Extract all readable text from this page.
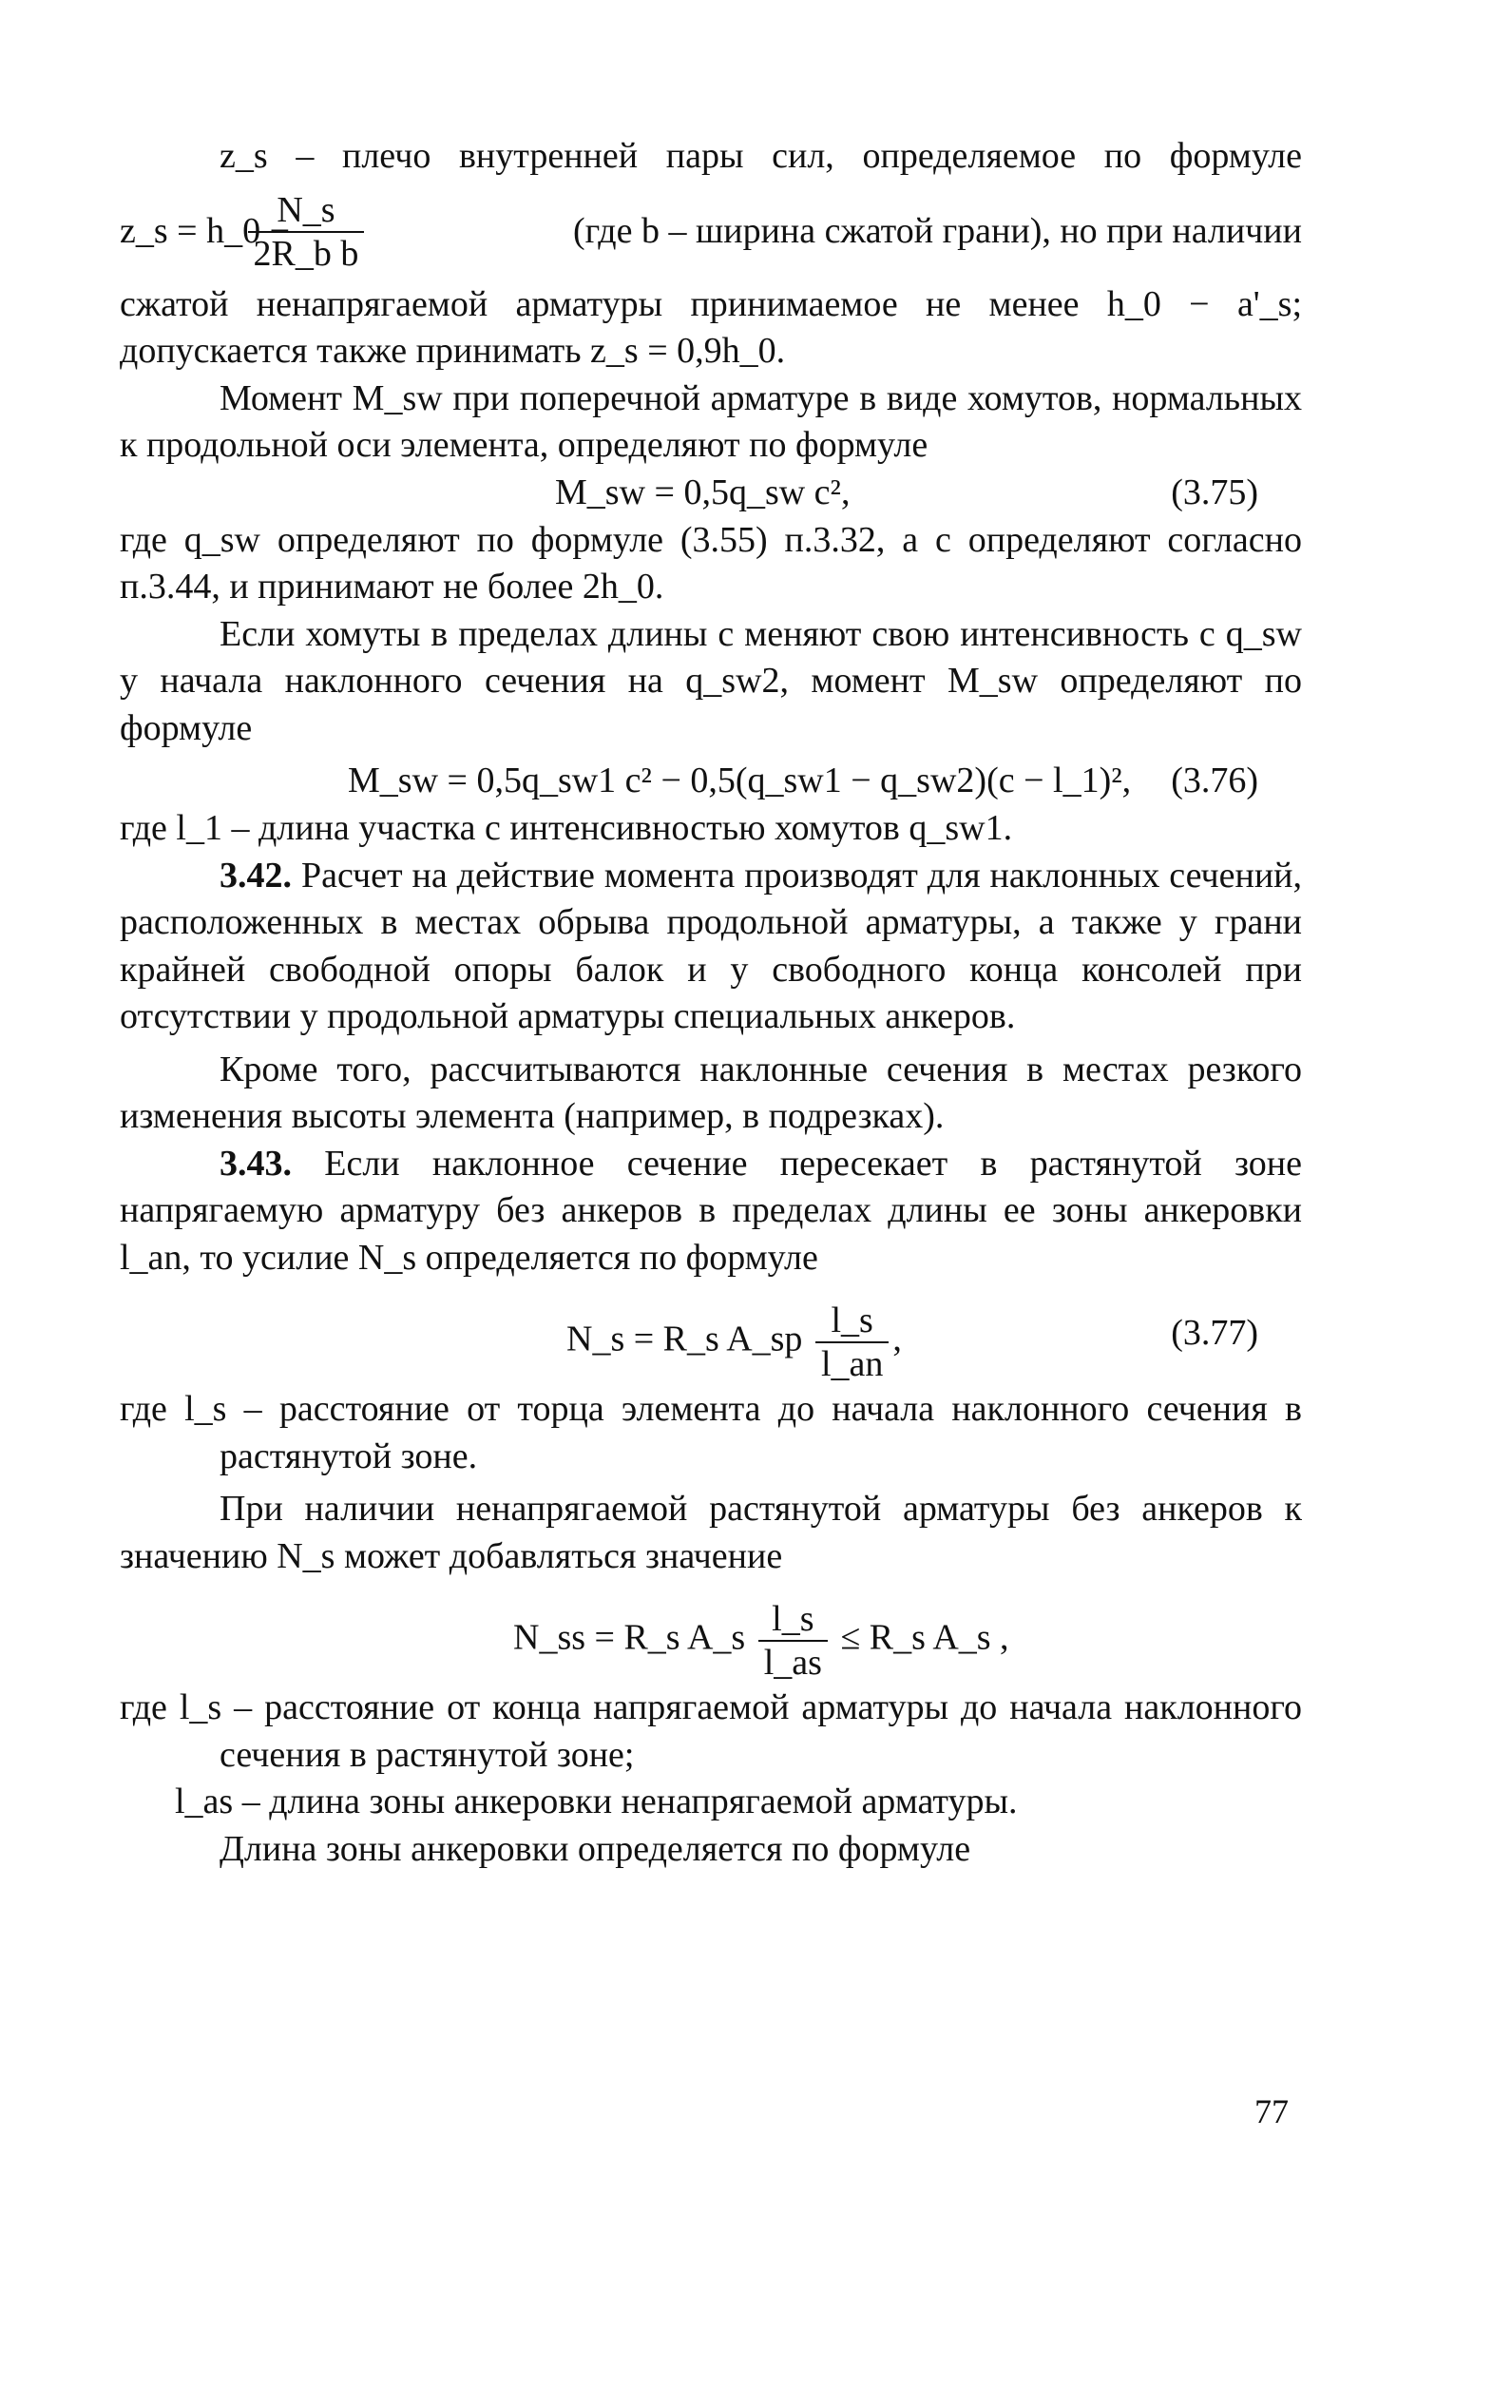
z_s – плечо внутренней пары сил, определяемое по формуле

z_s = h_0 −
$\frac{N\_s}{\text{2R\_b b}}$	(где b – ширина сжатой грани), но при наличии

сжатой ненапрягаемой арматуры принимаемое не менее h_0 − a'_s;

допускается также принимать z_s = 0,9h_0.

Момент M_sw при поперечной арматуре в виде хомутов, нормальных к продольной оси элемента, определяют по формуле

M_sw = 0,5q_sw c²,	(3.75)

где q_sw определяют по формуле (3.55) п.3.32, а c определяют согласно п.3.44, и принимают не более 2h_0.

Если хомуты в пределах длины c меняют свою интенсивность с q_sw у начала наклонного сечения на q_sw2, момент M_sw определяют по формуле

M_sw = 0,5q_sw1 c² − 0,5(q_sw1 − q_sw2)(c − l_1)², (3.76)

где l_1 – длина участка с интенсивностью хомутов q_sw1.

3.42. Расчет на действие момента производят для наклонных сечений, расположенных в местах обрыва продольной арматуры, а также у грани крайней свободной опоры балок и у свободного конца консолей при отсутствии у продольной арматуры специальных анкеров.

Кроме того, рассчитываются наклонные сечения в местах резкого изменения высоты элемента (например, в подрезках).

3.43. Если наклонное сечение пересекает в растянутой зоне напрягаемую арматуру без анкеров в пределах длины ее зоны анкеровки l_an, то усилие N_s определяется по формуле

N_s = R_s A_sp $\frac{l\_s}{l\_an}$ ,	(3.77)

где l_s – расстояние от торца элемента до начала наклонного сечения в растянутой зоне.

При наличии ненапрягаемой растянутой арматуры без анкеров к значению N_s может добавляться значение

N_ss = R_s A_s $\frac{l\_s}{l\_as}$ ≤ R_s A_s ,

где l_s – расстояние от конца напрягаемой арматуры до начала наклонного сечения в растянутой зоне;

l_as – длина зоны анкеровки ненапрягаемой арматуры.

Длина зоны анкеровки определяется по формуле

77
